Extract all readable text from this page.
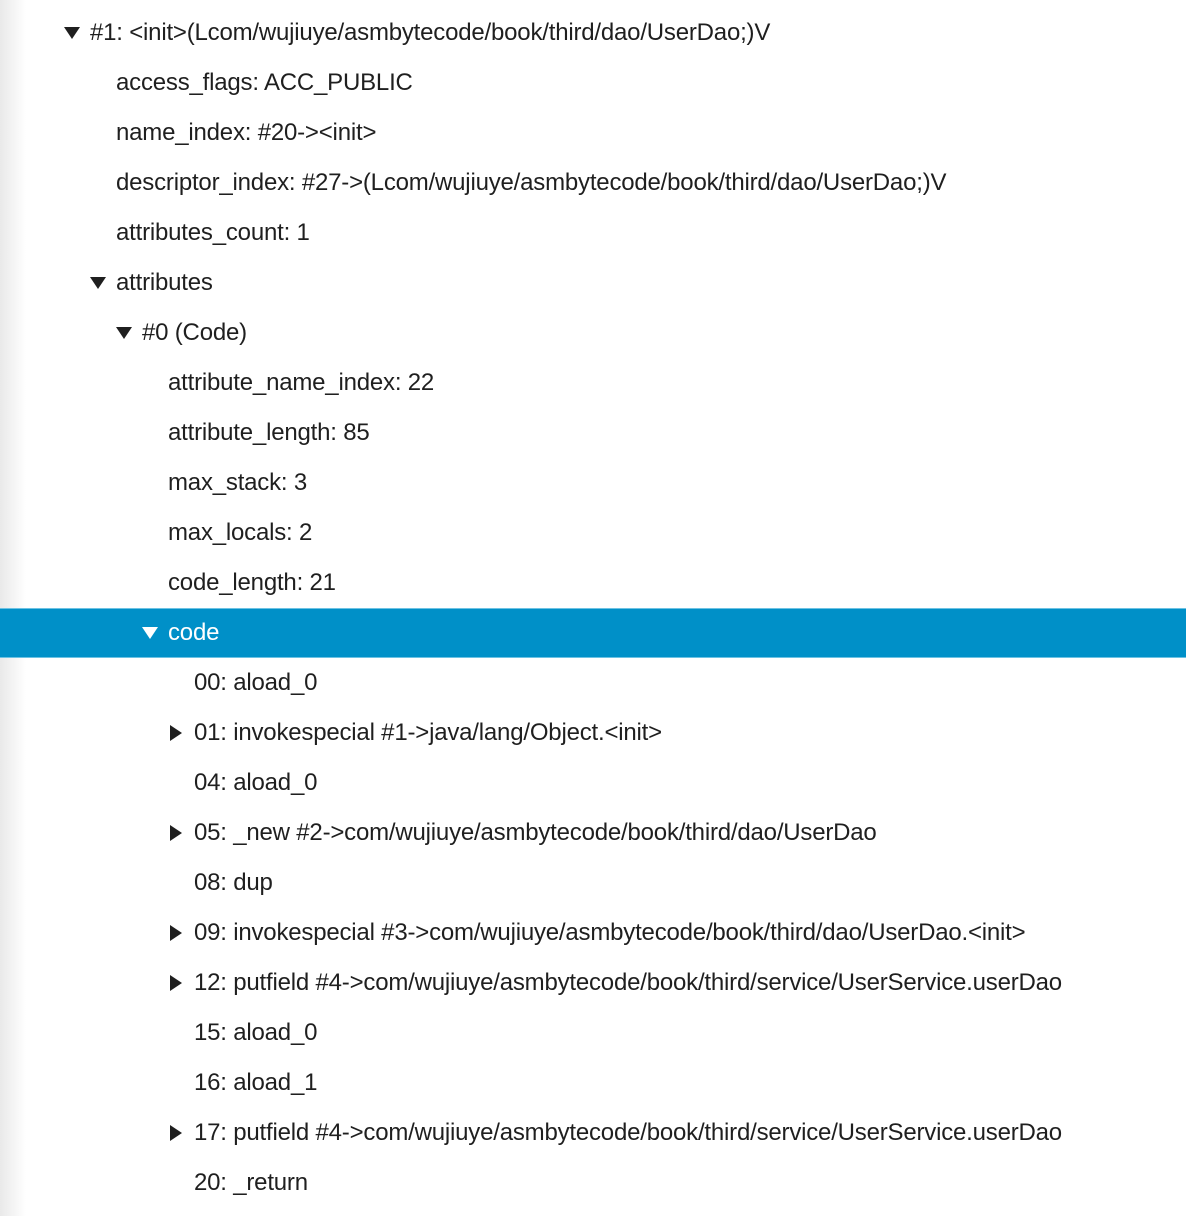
#1: <init>(Lcom/wujiuye/asmbytecode/book/third/dao/UserDao;)V
access_flags: ACC_PUBLIC
name_index: #20-><init>
descriptor_index: #27->(Lcom/wujiuye/asmbytecode/book/third/dao/UserDao;)V
attributes_count: 1
attributes
#0 (Code)
attribute_name_index: 22
attribute_length: 85
max_stack: 3
max_locals: 2
code_length: 21
code
00: aload_0
01: invokespecial #1->java/lang/Object.<init>
04: aload_0
05: _new #2->com/wujiuye/asmbytecode/book/third/dao/UserDao
08: dup
09: invokespecial #3->com/wujiuye/asmbytecode/book/third/dao/UserDao.<init>
12: putfield #4->com/wujiuye/asmbytecode/book/third/service/UserService.userDao
15: aload_0
16: aload_1
17: putfield #4->com/wujiuye/asmbytecode/book/third/service/UserService.userDao
20: _return
